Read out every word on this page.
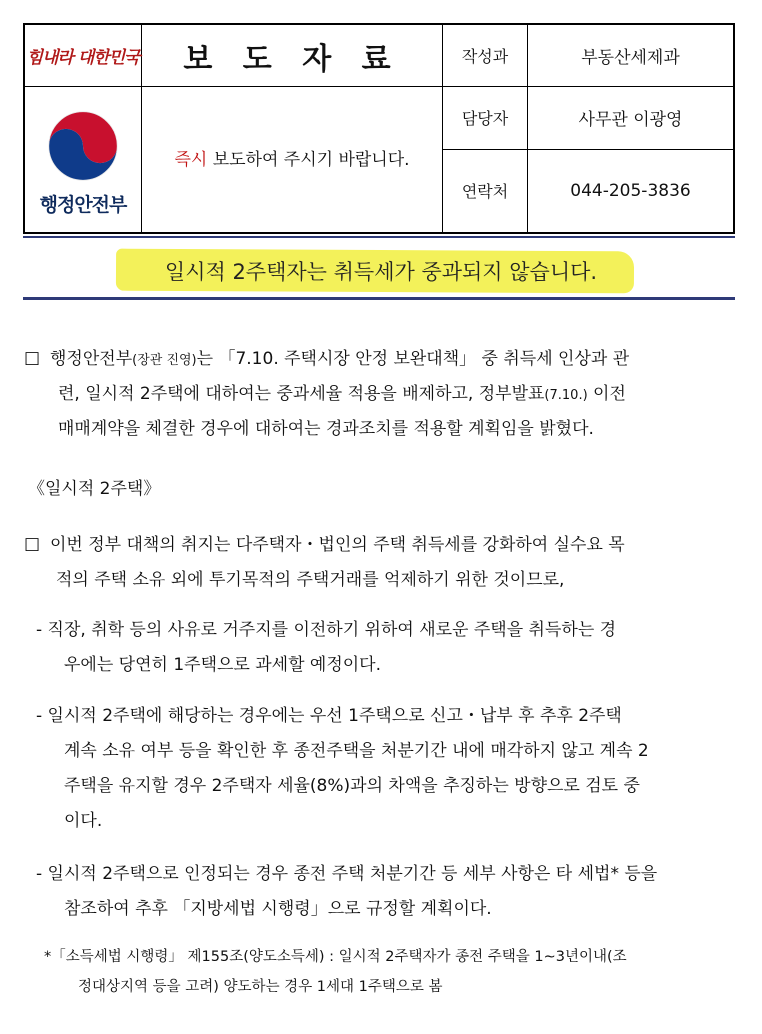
힘내라 대한민국	보 도 자 료	작성과	부동산세제과

행정안전부	즉시 보도하여 주시기 바랍니다.	담당자	사무관 이광영
		연락처	044-205-3836
일시적 2주택자는 취득세가 중과되지 않습니다.
□ 행정안전부(장관 진영)는 「7.10. 주택시장 안정 보완대책」 중 취득세 인상과 관
련, 일시적 2주택에 대하여는 중과세율 적용을 배제하고, 정부발표(7.10.) 이전
매매계약을 체결한 경우에 대하여는 경과조치를 적용할 계획임을 밝혔다.
《일시적 2주택》
□ 이번 정부 대책의 취지는 다주택자・법인의 주택 취득세를 강화하여 실수요 목
적의 주택 소유 외에 투기목적의 주택거래를 억제하기 위한 것이므로,
- 직장, 취학 등의 사유로 거주지를 이전하기 위하여 새로운 주택을 취득하는 경
우에는 당연히 1주택으로 과세할 예정이다.
- 일시적 2주택에 해당하는 경우에는 우선 1주택으로 신고・납부 후 추후 2주택
계속 소유 여부 등을 확인한 후 종전주택을 처분기간 내에 매각하지 않고 계속 2
주택을 유지할 경우 2주택자 세율(8%)과의 차액을 추징하는 방향으로 검토 중
이다.
- 일시적 2주택으로 인정되는 경우 종전 주택 처분기간 등 세부 사항은 타 세법* 등을
참조하여 추후 「지방세법 시행령」으로 규정할 계획이다.
*「소득세법 시행령」 제155조(양도소득세) : 일시적 2주택자가 종전 주택을 1∼3년이내(조
정대상지역 등을 고려) 양도하는 경우 1세대 1주택으로 봄
